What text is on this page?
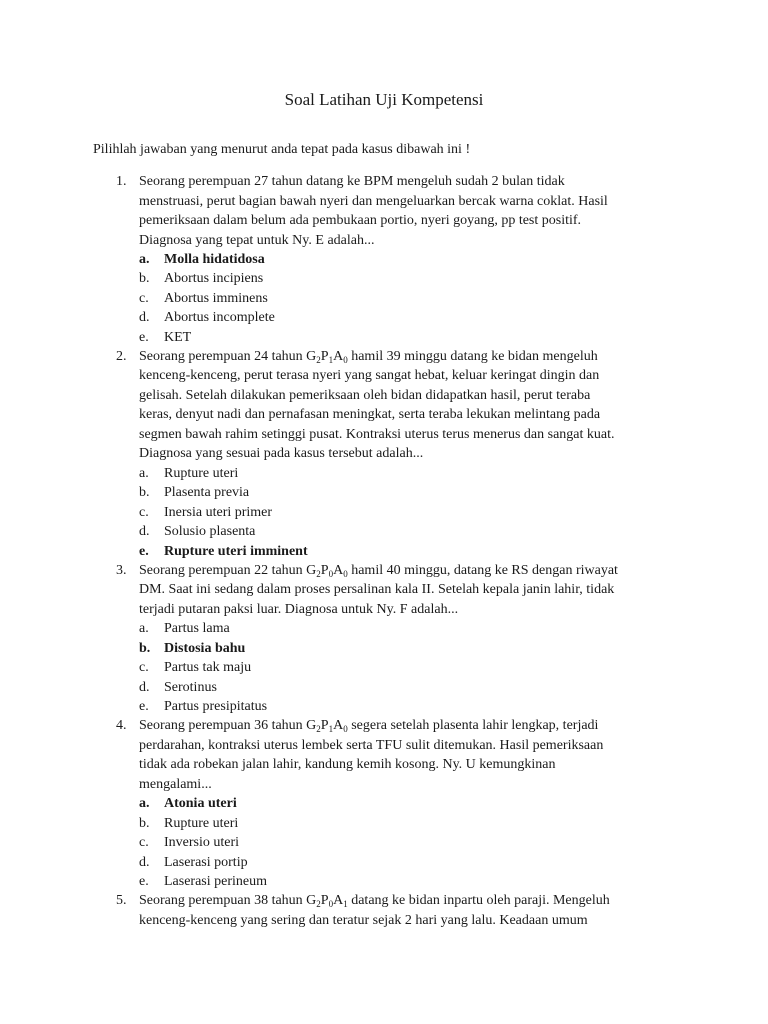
Soal Latihan Uji Kompetensi
Pilihlah jawaban yang menurut anda tepat pada kasus dibawah ini !
1. Seorang perempuan 27 tahun datang ke BPM mengeluh sudah 2 bulan tidak
menstruasi, perut bagian bawah nyeri dan mengeluarkan bercak warna coklat. Hasil
pemeriksaan dalam belum ada pembukaan portio, nyeri goyang, pp test positif.
Diagnosa yang tepat untuk Ny. E adalah...
a. Molla hidatidosa
b. Abortus incipiens
c. Abortus imminens
d. Abortus incomplete
e. KET
2. Seorang perempuan 24 tahun $G_2P_1A_0$ hamil 39 minggu datang ke bidan mengeluh
kenceng-kenceng, perut terasa nyeri yang sangat hebat, keluar keringat dingin dan
gelisah. Setelah dilakukan pemeriksaan oleh bidan didapatkan hasil, perut teraba
keras, denyut nadi dan pernafasan meningkat, serta teraba lekukan melintang pada
segmen bawah rahim setinggi pusat. Kontraksi uterus terus menerus dan sangat kuat.
Diagnosa yang sesuai pada kasus tersebut adalah...
a. Rupture uteri
b. Plasenta previa
c. Inersia uteri primer
d. Solusio plasenta
e. Rupture uteri imminent
3. Seorang perempuan 22 tahun $G_2P_0A_0$ hamil 40 minggu, datang ke RS dengan riwayat
DM. Saat ini sedang dalam proses persalinan kala II. Setelah kepala janin lahir, tidak
terjadi putaran paksi luar. Diagnosa untuk Ny. F adalah...
a. Partus lama
b. Distosia bahu
c. Partus tak maju
d. Serotinus
e. Partus presipitatus
4. Seorang perempuan 36 tahun $G_2P_1A_0$ segera setelah plasenta lahir lengkap, terjadi
perdarahan, kontraksi uterus lembek serta TFU sulit ditemukan. Hasil pemeriksaan
tidak ada robekan jalan lahir, kandung kemih kosong. Ny. U kemungkinan
mengalami...
a. Atonia uteri
b. Rupture uteri
c. Inversio uteri
d. Laserasi portip
e. Laserasi perineum
5. Seorang perempuan 38 tahun $G_2P_0A_1$ datang ke bidan inpartu oleh paraji. Mengeluh
kenceng-kenceng yang sering dan teratur sejak 2 hari yang lalu. Keadaan umum
